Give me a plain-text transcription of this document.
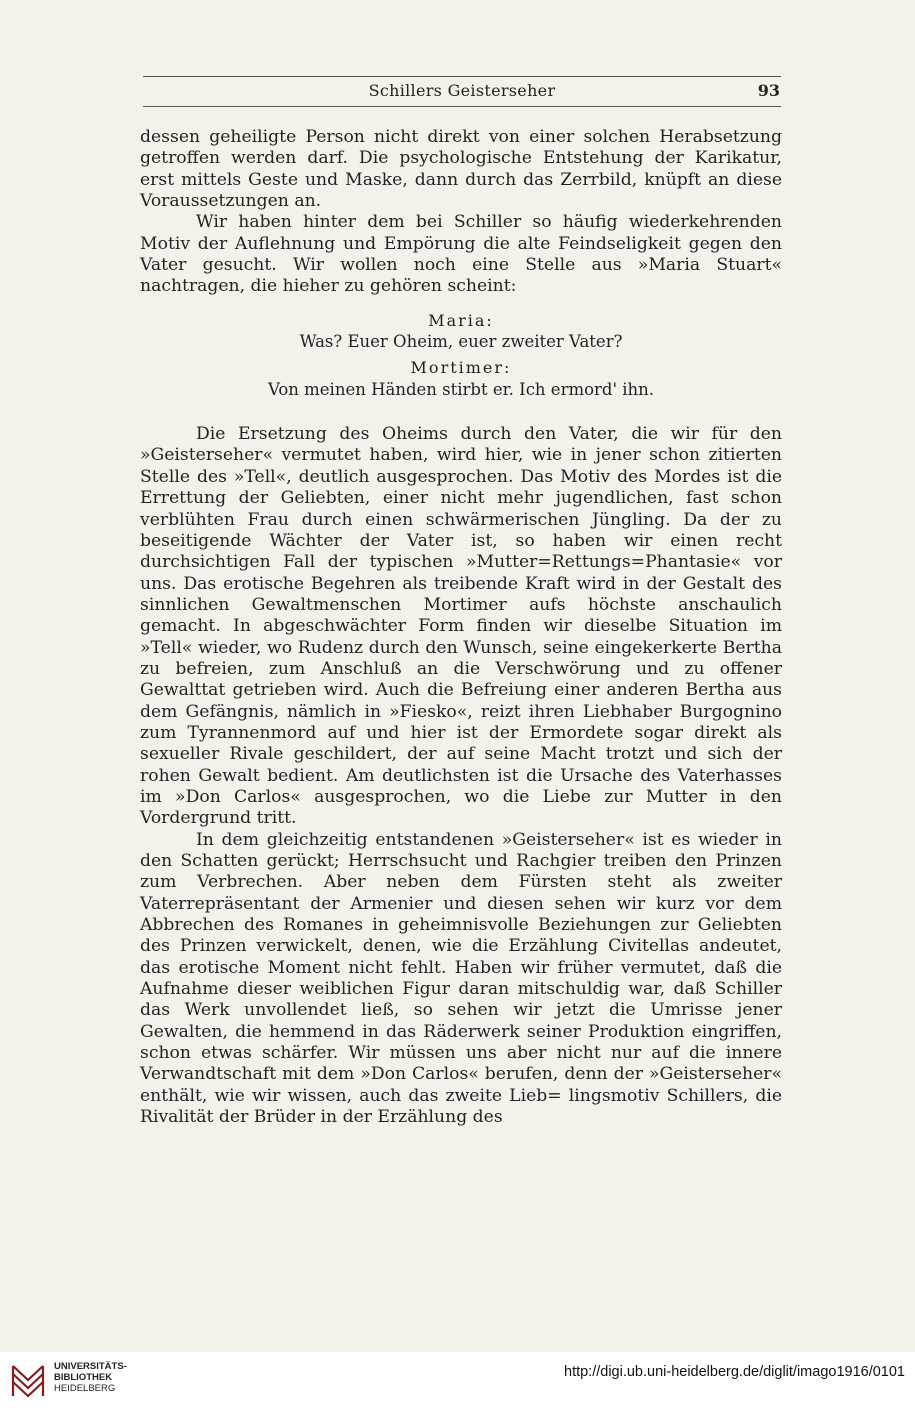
Schillers Geisterseher	93

dessen geheiligte Person nicht direkt von einer solchen Herabsetzung getroffen werden darf. Die psychologische Entstehung der Karikatur, erst mittels Geste und Maske, dann durch das Zerrbild, knüpft an diese Voraussetzungen an.

Wir haben hinter dem bei Schiller so häufig wiederkehrenden Motiv der Auflehnung und Empörung die alte Feindseligkeit gegen den Vater gesucht. Wir wollen noch eine Stelle aus »Maria Stuart« nachtragen, die hieher zu gehören scheint:

Maria:
Was? Euer Oheim, euer zweiter Vater?
Mortimer:
Von meinen Händen stirbt er. Ich ermord' ihn.

Die Ersetzung des Oheims durch den Vater, die wir für den »Geisterseher« vermutet haben, wird hier, wie in jener schon zitierten Stelle des »Tell«, deutlich ausgesprochen. Das Motiv des Mordes ist die Errettung der Geliebten, einer nicht mehr jugendlichen, fast schon verblühten Frau durch einen schwärmerischen Jüngling. Da der zu beseitigende Wächter der Vater ist, so haben wir einen recht durchsichtigen Fall der typischen »Mutter=Rettungs=Phantasie« vor uns. Das erotische Begehren als treibende Kraft wird in der Gestalt des sinnlichen Gewaltmenschen Mortimer aufs höchste anschaulich gemacht. In abgeschwächter Form finden wir dieselbe Situation im »Tell« wieder, wo Rudenz durch den Wunsch, seine eingekerkerte Bertha zu befreien, zum Anschluß an die Verschwörung und zu offener Gewalttat getrieben wird. Auch die Befreiung einer anderen Bertha aus dem Gefängnis, nämlich in »Fiesko«, reizt ihren Liebhaber Burgognino zum Tyrannenmord auf und hier ist der Ermordete sogar direkt als sexueller Rivale geschildert, der auf seine Macht trotzt und sich der rohen Gewalt bedient. Am deutlichsten ist die Ursache des Vaterhasses im »Don Carlos« ausgesprochen, wo die Liebe zur Mutter in den Vordergrund tritt.

In dem gleichzeitig entstandenen »Geisterseher« ist es wieder in den Schatten gerückt; Herrschsucht und Rachgier treiben den Prinzen zum Verbrechen. Aber neben dem Fürsten steht als zweiter Vaterrepräsentant der Armenier und diesen sehen wir kurz vor dem Abbrechen des Romanes in geheimnisvolle Beziehungen zur Geliebten des Prinzen verwickelt, denen, wie die Erzählung Civitellas andeutet, das erotische Moment nicht fehlt. Haben wir früher vermutet, daß die Aufnahme dieser weiblichen Figur daran mitschuldig war, daß Schiller das Werk unvollendet ließ, so sehen wir jetzt die Umrisse jener Gewalten, die hemmend in das Räderwerk seiner Produktion eingriffen, schon etwas schärfer. Wir müssen uns aber nicht nur auf die innere Verwandtschaft mit dem »Don Carlos« berufen, denn der »Geisterseher« enthält, wie wir wissen, auch das zweite Lieb= lingsmotiv Schillers, die Rivalität der Brüder in der Erzählung des

UNIVERSITÄTS-
BIBLIOTHEK
HEIDELBERG
http://digi.ub.uni-heidelberg.de/diglit/imago1916/0101
